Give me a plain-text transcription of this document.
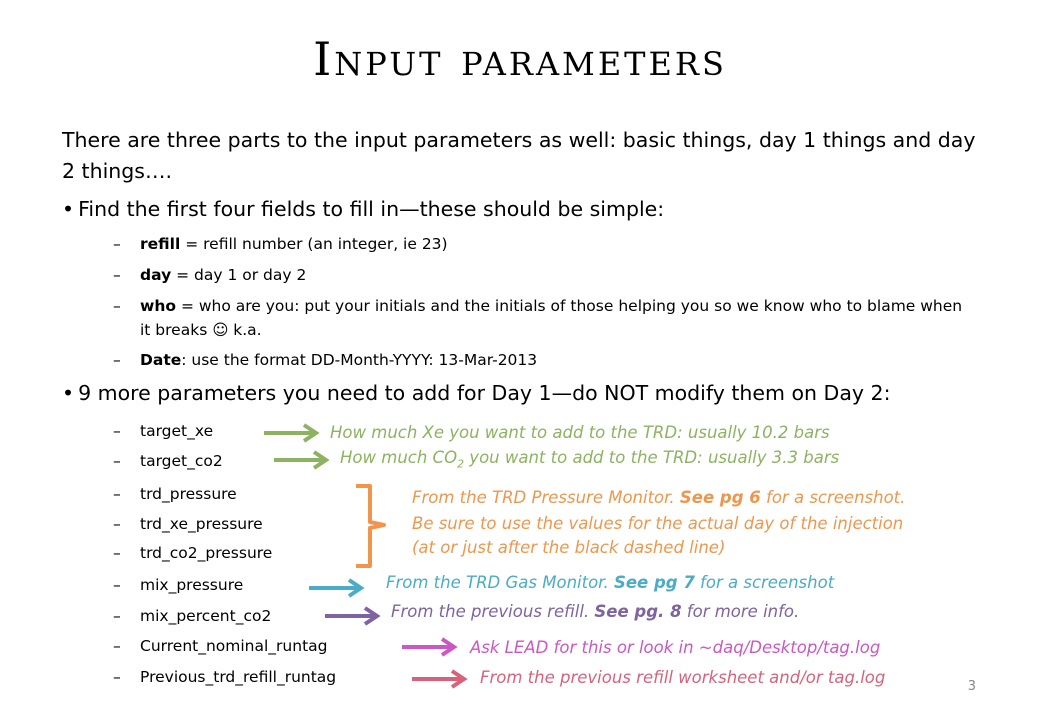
Input parameters
There are three parts to the input parameters as well: basic things, day 1 things and day 2 things….
• Find the first four fields to fill in—these should be simple:
– refill = refill number (an integer, ie 23)
– day = day 1 or day 2
– who = who are you: put your initials and the initials of those helping you so we know who to blame when it breaks ☺ k.a.
– Date: use the format DD-Month-YYYY: 13-Mar-2013
• 9 more parameters you need to add for Day 1—do NOT modify them on Day 2:
– target_xe
– target_co2
– trd_pressure
– trd_xe_pressure
– trd_co2_pressure
– mix_pressure
– mix_percent_co2
– Current_nominal_runtag
– Previous_trd_refill_runtag
How much Xe you want to add to the TRD: usually 10.2 bars
How much $CO_2$ you want to add to the TRD: usually 3.3 bars
From the TRD Pressure Monitor. See pg 6 for a screenshot.
Be sure to use the values for the actual day of the injection
(at or just after the black dashed line)
From the TRD Gas Monitor. See pg 7 for a screenshot
From the previous refill. See pg. 8 for more info.
Ask LEAD for this or look in ~daq/Desktop/tag.log
From the previous refill worksheet and/or tag.log	3
